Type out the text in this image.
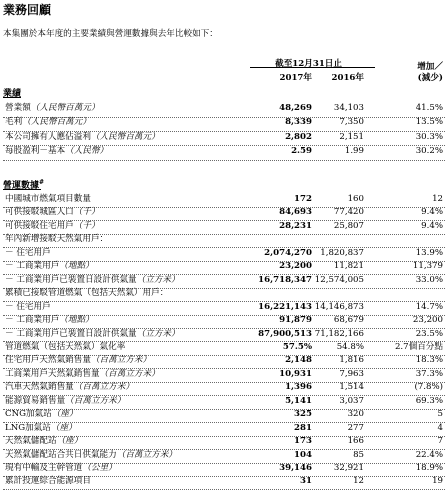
業務回顧
本集團於本年度的主要業績與營運數據與去年比較如下：
截至12月31日止
2017年 2016年
增加／
(減少)
業績
營業額（人民幣百萬元）	48,269	34,103	41.5%
毛利（人民幣百萬元）	8,339	7,350	13.5%
本公司擁有人應佔溢利（人民幣百萬元）	2,802	2,151	30.3%
每股盈利－基本（人民幣）	2.59	1.99	30.2%
營運數據#
中國城市燃氣項目數量	172	160	12
可供接駁城區人口（千）	84,693	77,420	9.4%
可供接駁住宅用戶（千）	28,231	25,807	9.4%
年內新增接駁天然氣用戶：
－ 住宅用戶	2,074,270 1,820,837	13.9%
－ 工商業用戶（地點）	23,200	11,821	11,379
－ 工商業用戶已裝置日設計供氣量（立方米）	16,718,347 12,574,005	33.0%
累積已接駁管道燃氣（包括天然氣）用戶：
－ 住宅用戶	16,221,143 14,146,873	14.7%
－ 工商業用戶（地點）	91,879	68,679	23,200
－ 工商業用戶已裝置日設計供氣量（立方米）	87,900,513 71,182,166	23.5%
管道燃氣（包括天然氣）氣化率	57.5%	54.8%	2.7個百分點
住宅用戶天然氣銷售量（百萬立方米）	2,148	1,816	18.3%
工商業用戶天然氣銷售量（百萬立方米）	10,931	7,963	37.3%
汽車天然氣銷售量（百萬立方米）	1,396	1,514	(7.8%)
能源貿易銷售量（百萬立方米）	5,141	3,037	69.3%
CNG加氣站（座）	325	320	5
LNG加氣站（座）	281	277	4
天然氣儲配站（座）	173	166	7
天然氣儲配站合共日供氣能力（百萬立方米）	104	85	22.4%
現有中輸及主幹管道（公里）	39,146	32,921	18.9%
累計投運綜合能源項目	31	12	19
